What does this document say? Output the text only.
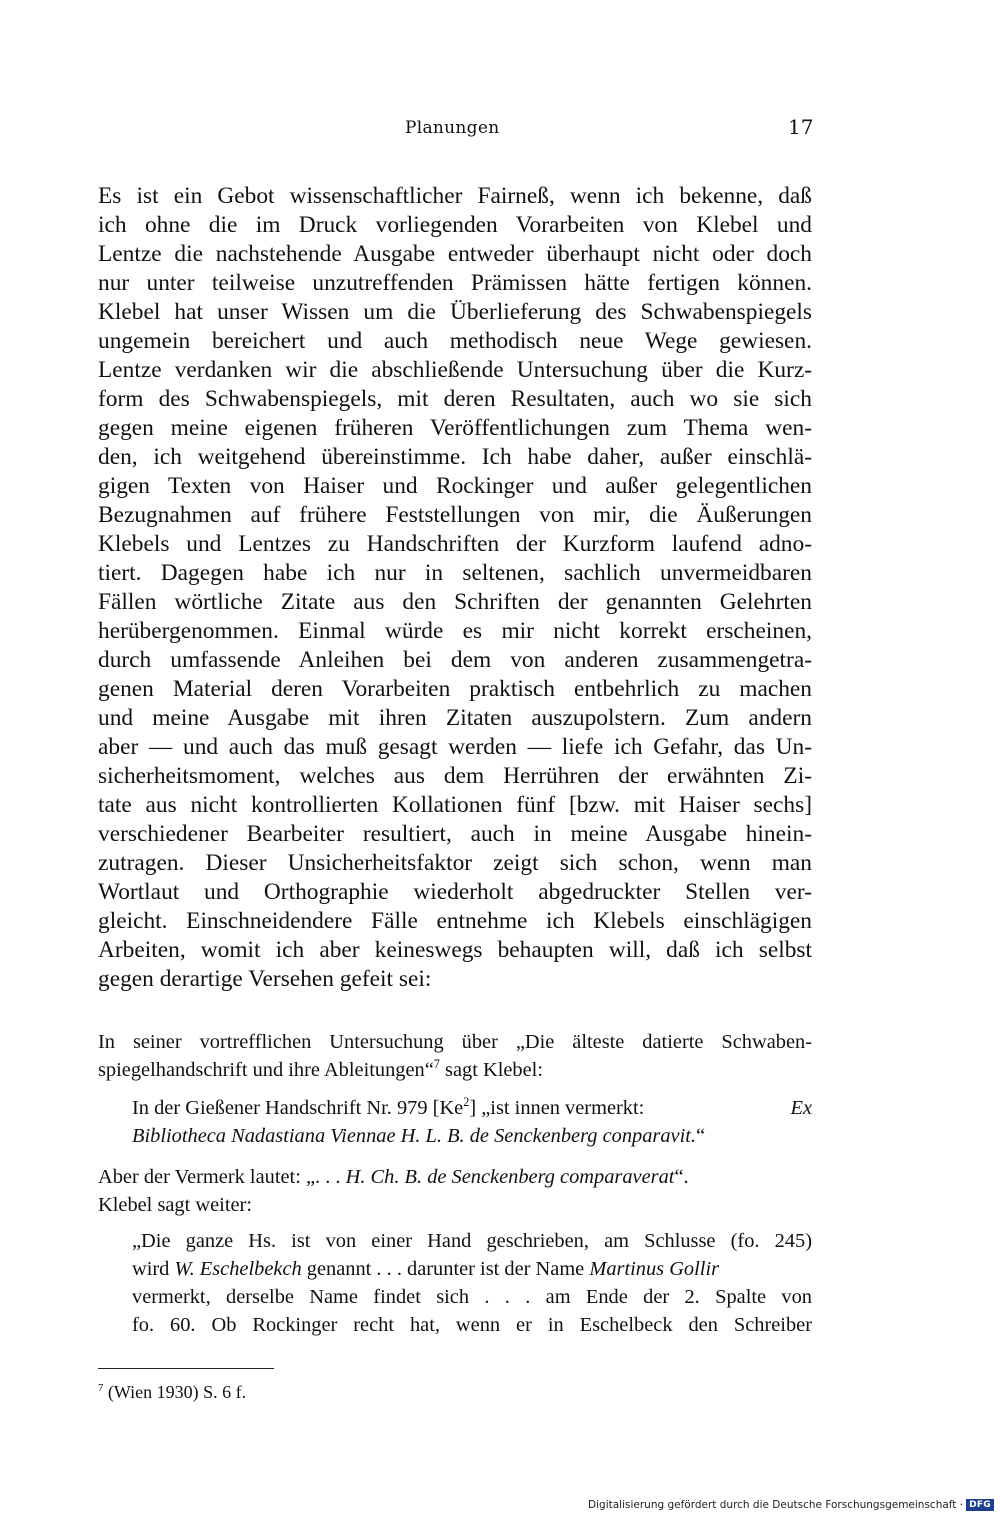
Planungen	17
Es ist ein Gebot wissenschaftlicher Fairneß, wenn ich bekenne, daß
ich ohne die im Druck vorliegenden Vorarbeiten von Klebel und
Lentze die nachstehende Ausgabe entweder überhaupt nicht oder doch
nur unter teilweise unzutreffenden Prämissen hätte fertigen können.
Klebel hat unser Wissen um die Überlieferung des Schwabenspiegels
ungemein bereichert und auch methodisch neue Wege gewiesen.
Lentze verdanken wir die abschließende Untersuchung über die Kurz-
form des Schwabenspiegels, mit deren Resultaten, auch wo sie sich
gegen meine eigenen früheren Veröffentlichungen zum Thema wen-
den, ich weitgehend übereinstimme. Ich habe daher, außer einschlä-
gigen Texten von Haiser und Rockinger und außer gelegentlichen
Bezugnahmen auf frühere Feststellungen von mir, die Äußerungen
Klebels und Lentzes zu Handschriften der Kurzform laufend adno-
tiert. Dagegen habe ich nur in seltenen, sachlich unvermeidbaren
Fällen wörtliche Zitate aus den Schriften der genannten Gelehrten
herübergenommen. Einmal würde es mir nicht korrekt erscheinen,
durch umfassende Anleihen bei dem von anderen zusammengetra-
genen Material deren Vorarbeiten praktisch entbehrlich zu machen
und meine Ausgabe mit ihren Zitaten auszupolstern. Zum andern
aber — und auch das muß gesagt werden — liefe ich Gefahr, das Un-
sicherheitsmoment, welches aus dem Herrühren der erwähnten Zi-
tate aus nicht kontrollierten Kollationen fünf [bzw. mit Haiser sechs]
verschiedener Bearbeiter resultiert, auch in meine Ausgabe hinein-
zutragen. Dieser Unsicherheitsfaktor zeigt sich schon, wenn man
Wortlaut und Orthographie wiederholt abgedruckter Stellen ver-
gleicht. Einschneidendere Fälle entnehme ich Klebels einschlägigen
Arbeiten, womit ich aber keineswegs behaupten will, daß ich selbst
gegen derartige Versehen gefeit sei:
In seiner vortrefflichen Untersuchung über „Die älteste datierte Schwaben-
spiegelhandschrift und ihre Ableitungen“$^7$ sagt Klebel:
In der Gießener Handschrift Nr. 979 [Ke$^2$] „ist innen vermerkt:	Ex
Bibliotheca Nadastiana Viennae H. L. B. de Senckenberg conparavit.“
Aber der Vermerk lautet: „. . . H. Ch. B. de Senckenberg comparaverat“.
Klebel sagt weiter:
„Die ganze Hs. ist von einer Hand geschrieben, am Schlusse (fo. 245)
wird W. Eschelbekch genannt . . . darunter ist der Name Martinus Gollir
vermerkt, derselbe Name findet sich . . . am Ende der 2. Spalte von
fo. 60. Ob Rockinger recht hat, wenn er in Eschelbeck den Schreiber
$^7$ (Wien 1930) S. 6 f.
Digitalisierung gefördert durch die Deutsche Forschungsgemeinschaft · DFG
